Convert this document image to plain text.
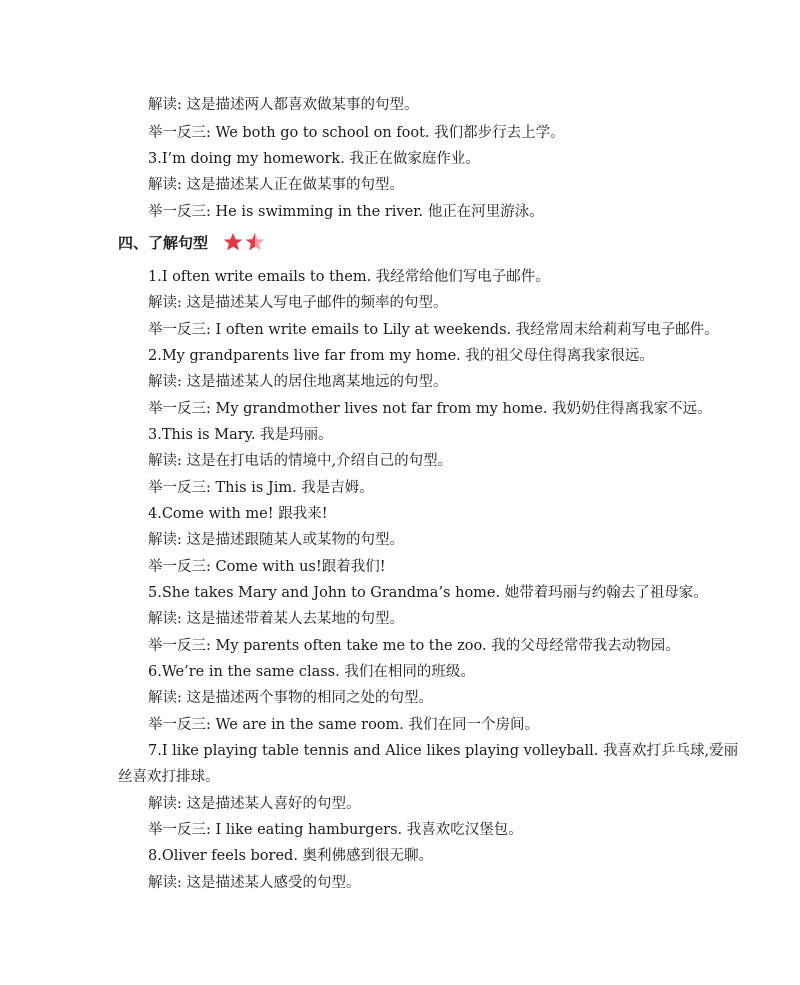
解读: 这是描述两人都喜欢做某事的句型。
举一反三: We both go to school on foot. 我们都步行去上学。
3.I’m doing my homework. 我正在做家庭作业。
解读: 这是描述某人正在做某事的句型。
举一反三: He is swimming in the river. 他正在河里游泳。
四、了解句型
1.I often write emails to them. 我经常给他们写电子邮件。
解读: 这是描述某人写电子邮件的频率的句型。
举一反三: I often write emails to Lily at weekends. 我经常周末给莉莉写电子邮件。
2.My grandparents live far from my home. 我的祖父母住得离我家很远。
解读: 这是描述某人的居住地离某地远的句型。
举一反三: My grandmother lives not far from my home. 我奶奶住得离我家不远。
3.This is Mary. 我是玛丽。
解读: 这是在打电话的情境中,介绍自己的句型。
举一反三: This is Jim. 我是吉姆。
4.Come with me! 跟我来!
解读: 这是描述跟随某人或某物的句型。
举一反三: Come with us!跟着我们!
5.She takes Mary and John to Grandma’s home. 她带着玛丽与约翰去了祖母家。
解读: 这是描述带着某人去某地的句型。
举一反三: My parents often take me to the zoo. 我的父母经常带我去动物园。
6.We’re in the same class. 我们在相同的班级。
解读: 这是描述两个事物的相同之处的句型。
举一反三: We are in the same room. 我们在同一个房间。
7.I like playing table tennis and Alice likes playing volleyball. 我喜欢打乒乓球,爱丽
丝喜欢打排球。
解读: 这是描述某人喜好的句型。
举一反三: I like eating hamburgers. 我喜欢吃汉堡包。
8.Oliver feels bored. 奥利佛感到很无聊。
解读: 这是描述某人感受的句型。
